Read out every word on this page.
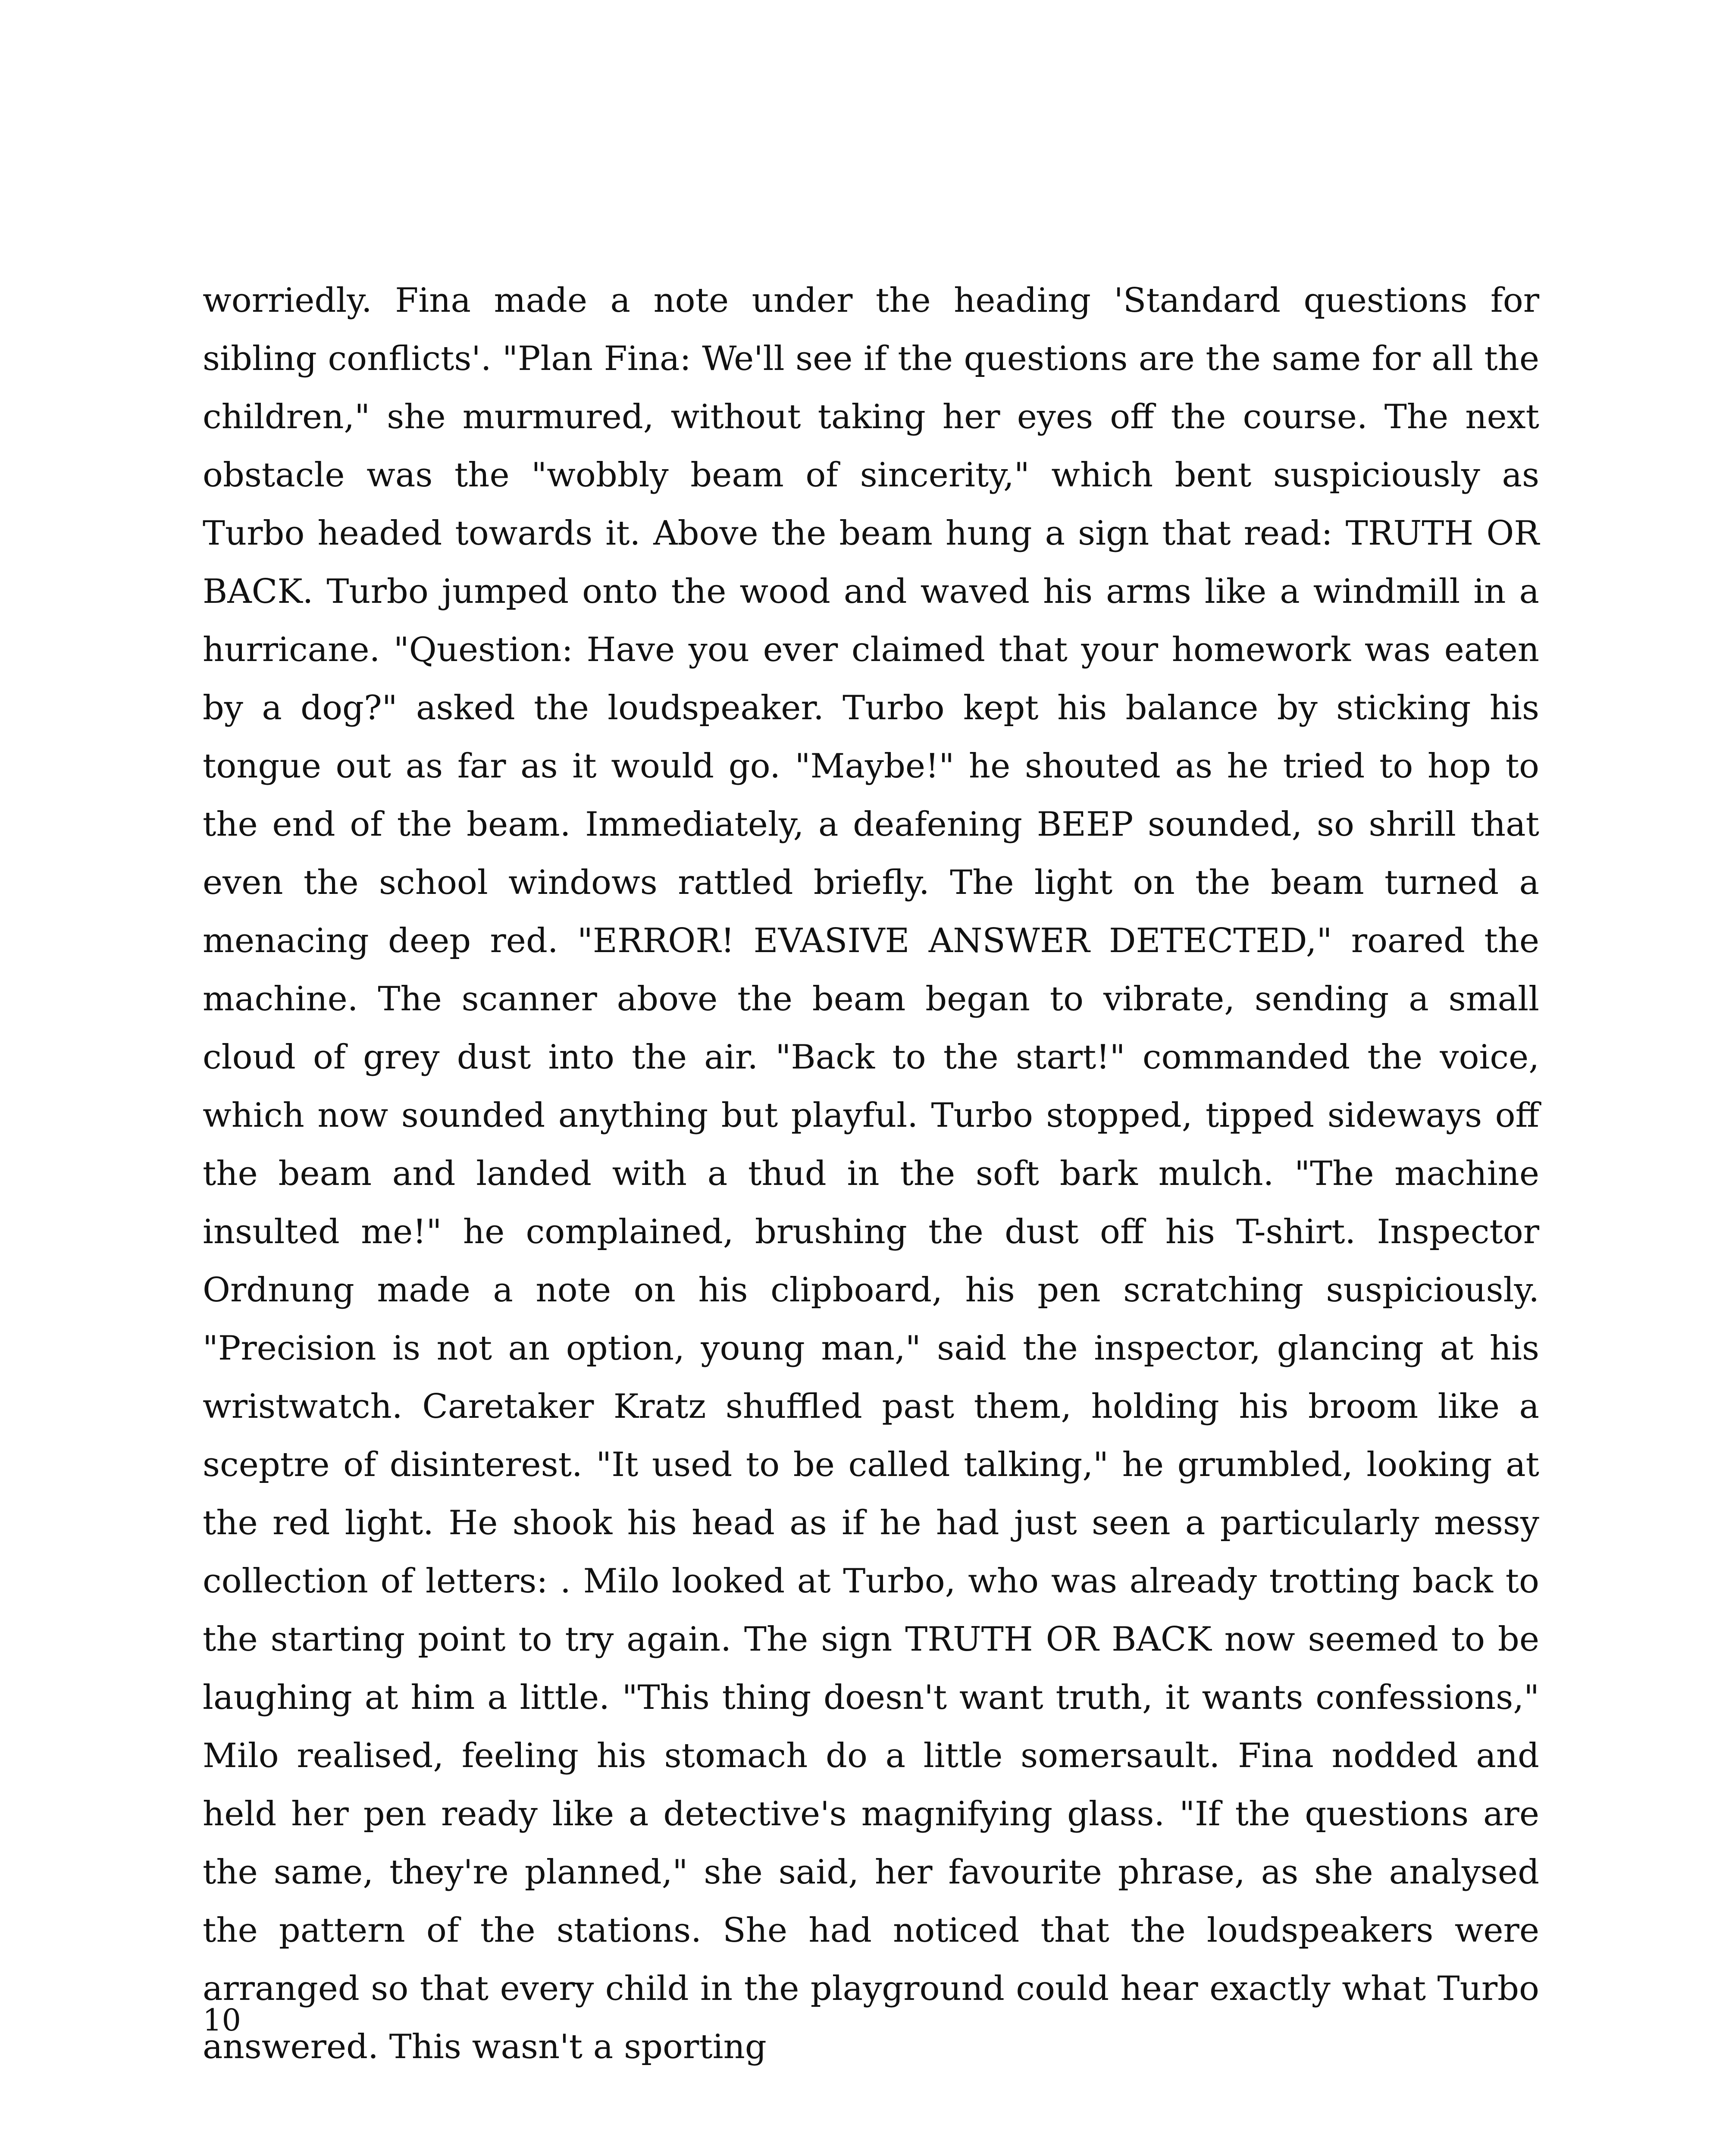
worriedly. Fina made a note under the heading 'Standard questions for sibling conflicts'. "Plan Fina: We'll see if the questions are the same for all the children," she murmured, without taking her eyes off the course. The next obstacle was the "wobbly beam of sincerity," which bent suspiciously as Turbo headed towards it. Above the beam hung a sign that read: TRUTH OR BACK. Turbo jumped onto the wood and waved his arms like a windmill in a hurricane. "Question: Have you ever claimed that your homework was eaten by a dog?" asked the loudspeaker. Turbo kept his balance by sticking his tongue out as far as it would go. "Maybe!" he shouted as he tried to hop to the end of the beam. Immediately, a deafening BEEP sounded, so shrill that even the school windows rattled briefly. The light on the beam turned a menacing deep red. "ERROR! EVASIVE ANSWER DETECTED," roared the machine. The scanner above the beam began to vibrate, sending a small cloud of grey dust into the air. "Back to the start!" commanded the voice, which now sounded anything but playful. Turbo stopped, tipped sideways off the beam and landed with a thud in the soft bark mulch. "The machine insulted me!" he complained, brushing the dust off his T-shirt. Inspector Ordnung made a note on his clipboard, his pen scratching suspiciously. "Precision is not an option, young man," said the inspector, glancing at his wristwatch. Caretaker Kratz shuffled past them, holding his broom like a sceptre of disinterest. "It used to be called talking," he grumbled, looking at the red light. He shook his head as if he had just seen a particularly messy collection of letters: . Milo looked at Turbo, who was already trotting back to the starting point to try again. The sign TRUTH OR BACK now seemed to be laughing at him a little. "This thing doesn't want truth, it wants confessions," Milo realised, feeling his stomach do a little somersault. Fina nodded and held her pen ready like a detective's magnifying glass. "If the questions are the same, they're planned," she said, her favourite phrase, as she analysed the pattern of the stations. She had noticed that the loudspeakers were arranged so that every child in the playground could hear exactly what Turbo answered. This wasn't a sporting

10
